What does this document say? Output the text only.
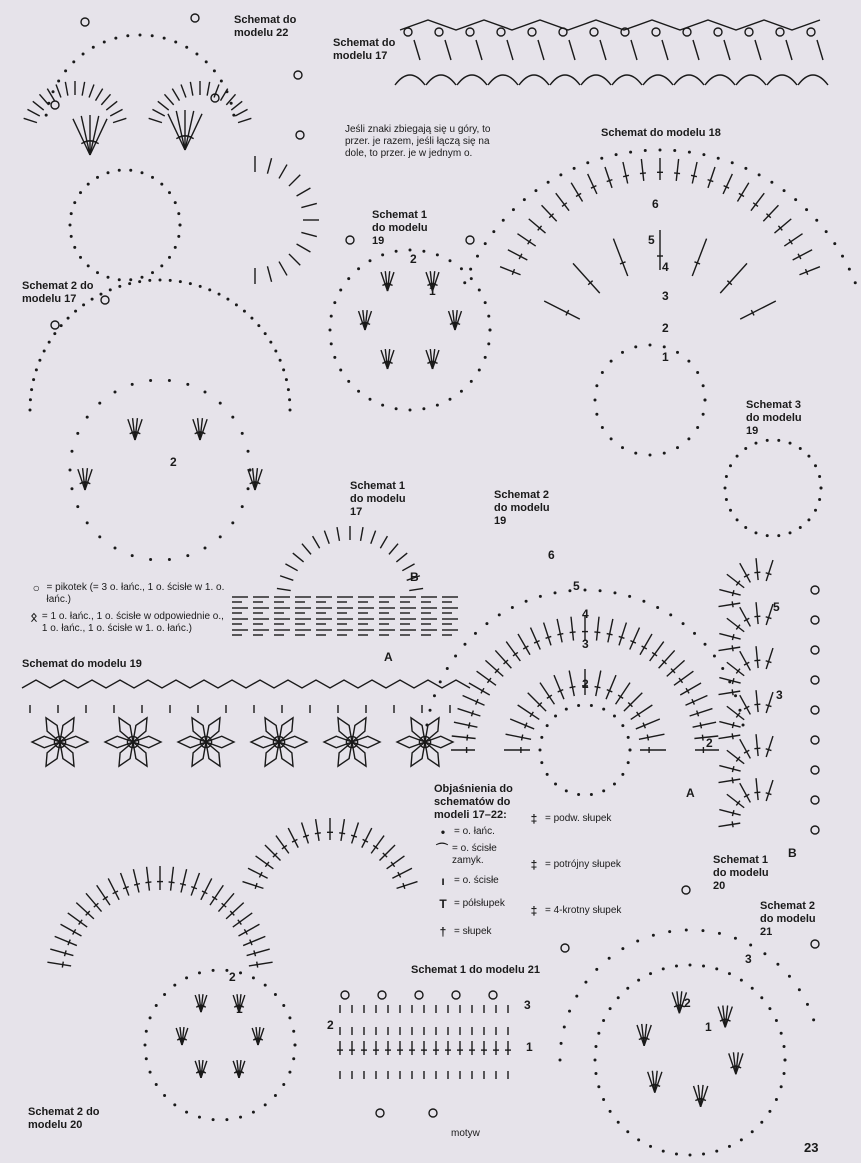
Schemat do modelu 22
Schemat do modelu 17
Jeśli znaki zbiegają się u góry, to przer. je razem, jeśli łączą się na dole, to przer. je w jednym o.
Schemat do modelu 18
Schemat 2 do modelu 17
Schemat 1 do modelu 19
Schemat 3 do modelu 19
Schemat 1 do modelu 17
Schemat 2 do modelu 19
Schemat do modelu 19
Schemat 1 do modelu 20
Schemat 2 do modelu 21
Schemat 1 do modelu 21
Schemat 2 do modelu 20
○ = pikotek (= 3 o. łańc., 1 o. ścisłe w 1. o. łańc.)
ᛟ = 1 o. łańc., 1 o. ścisłe w odpowiednie o., 1 o. łańc., 1 o. ścisłe w 1. o. łańc.)
Objaśnienia do schematów do modeli 17–22:
• = o. łańc.
⌒ = o. ścisłe zamyk.
ı = o. ścisłe
T = półsłupek
† = słupek
‡ = podw. słupek
‡ = potrójny słupek
‡ = 4-krotny słupek
B
A
A
B
motyw
2
2
3
4
5
6
2
1
1
2
3
4
5
6
2
3
1
5
3
2
3
2
1
2
1
23
